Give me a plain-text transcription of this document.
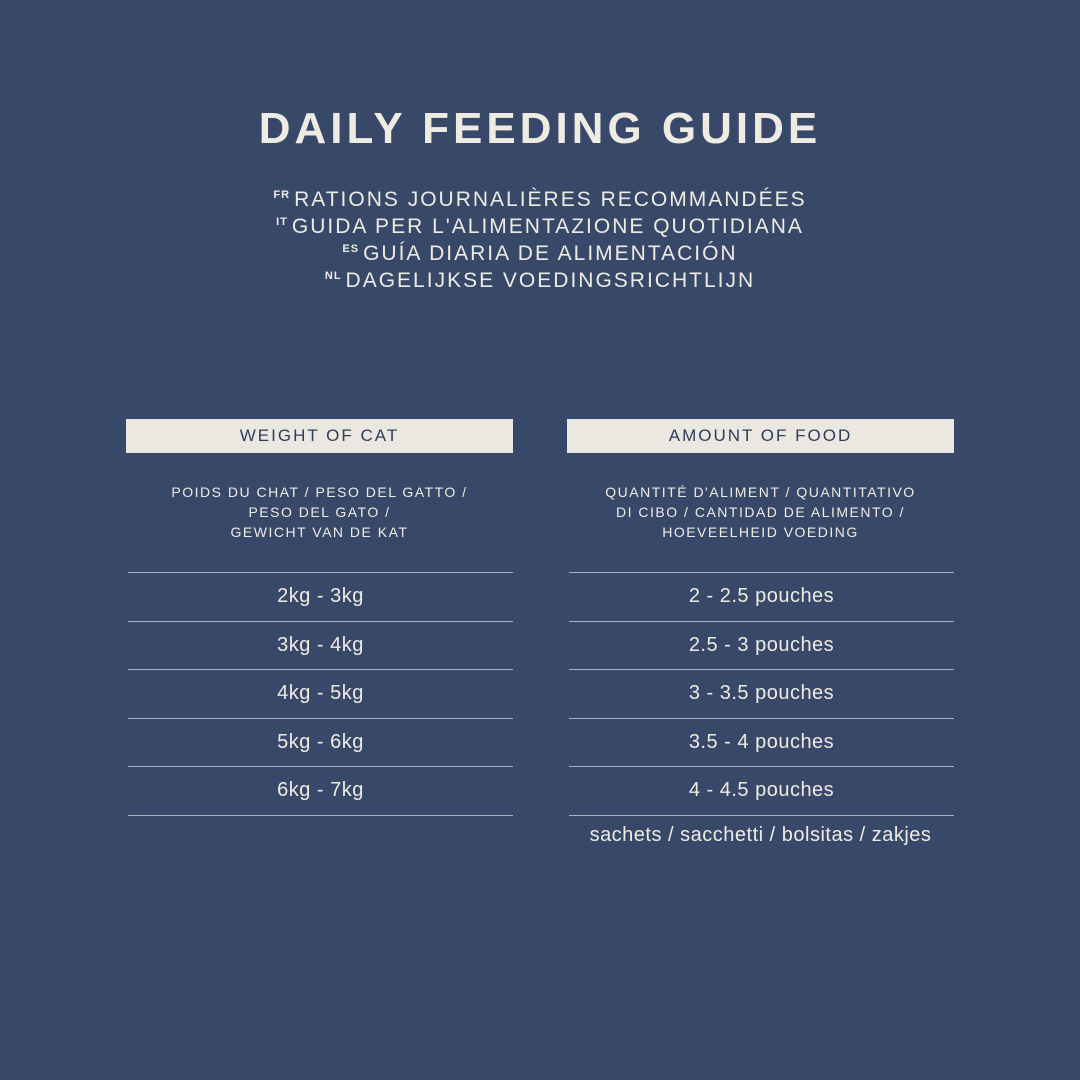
DAILY FEEDING GUIDE
$^{FR}$ RATIONS JOURNALIÈRES RECOMMANDÉES
$^{IT}$ GUIDA PER L'ALIMENTAZIONE QUOTIDIANA
$^{ES}$ GUÍA DIARIA DE ALIMENTACIÓN
$^{NL}$ DAGELIJKSE VOEDINGSRICHTLIJN
WEIGHT OF CAT
POIDS DU CHAT / PESO DEL GATTO /
PESO DEL GATO /
GEWICHT VAN DE KAT
2kg - 3kg
3kg - 4kg
4kg - 5kg
5kg - 6kg
6kg - 7kg
AMOUNT OF FOOD
QUANTITÉ D'ALIMENT / QUANTITATIVO
DI CIBO / CANTIDAD DE ALIMENTO /
HOEVEELHEID VOEDING
2 - 2.5 pouches
2.5 - 3 pouches
3 - 3.5 pouches
3.5 - 4 pouches
4 - 4.5 pouches
sachets / sacchetti / bolsitas / zakjes
